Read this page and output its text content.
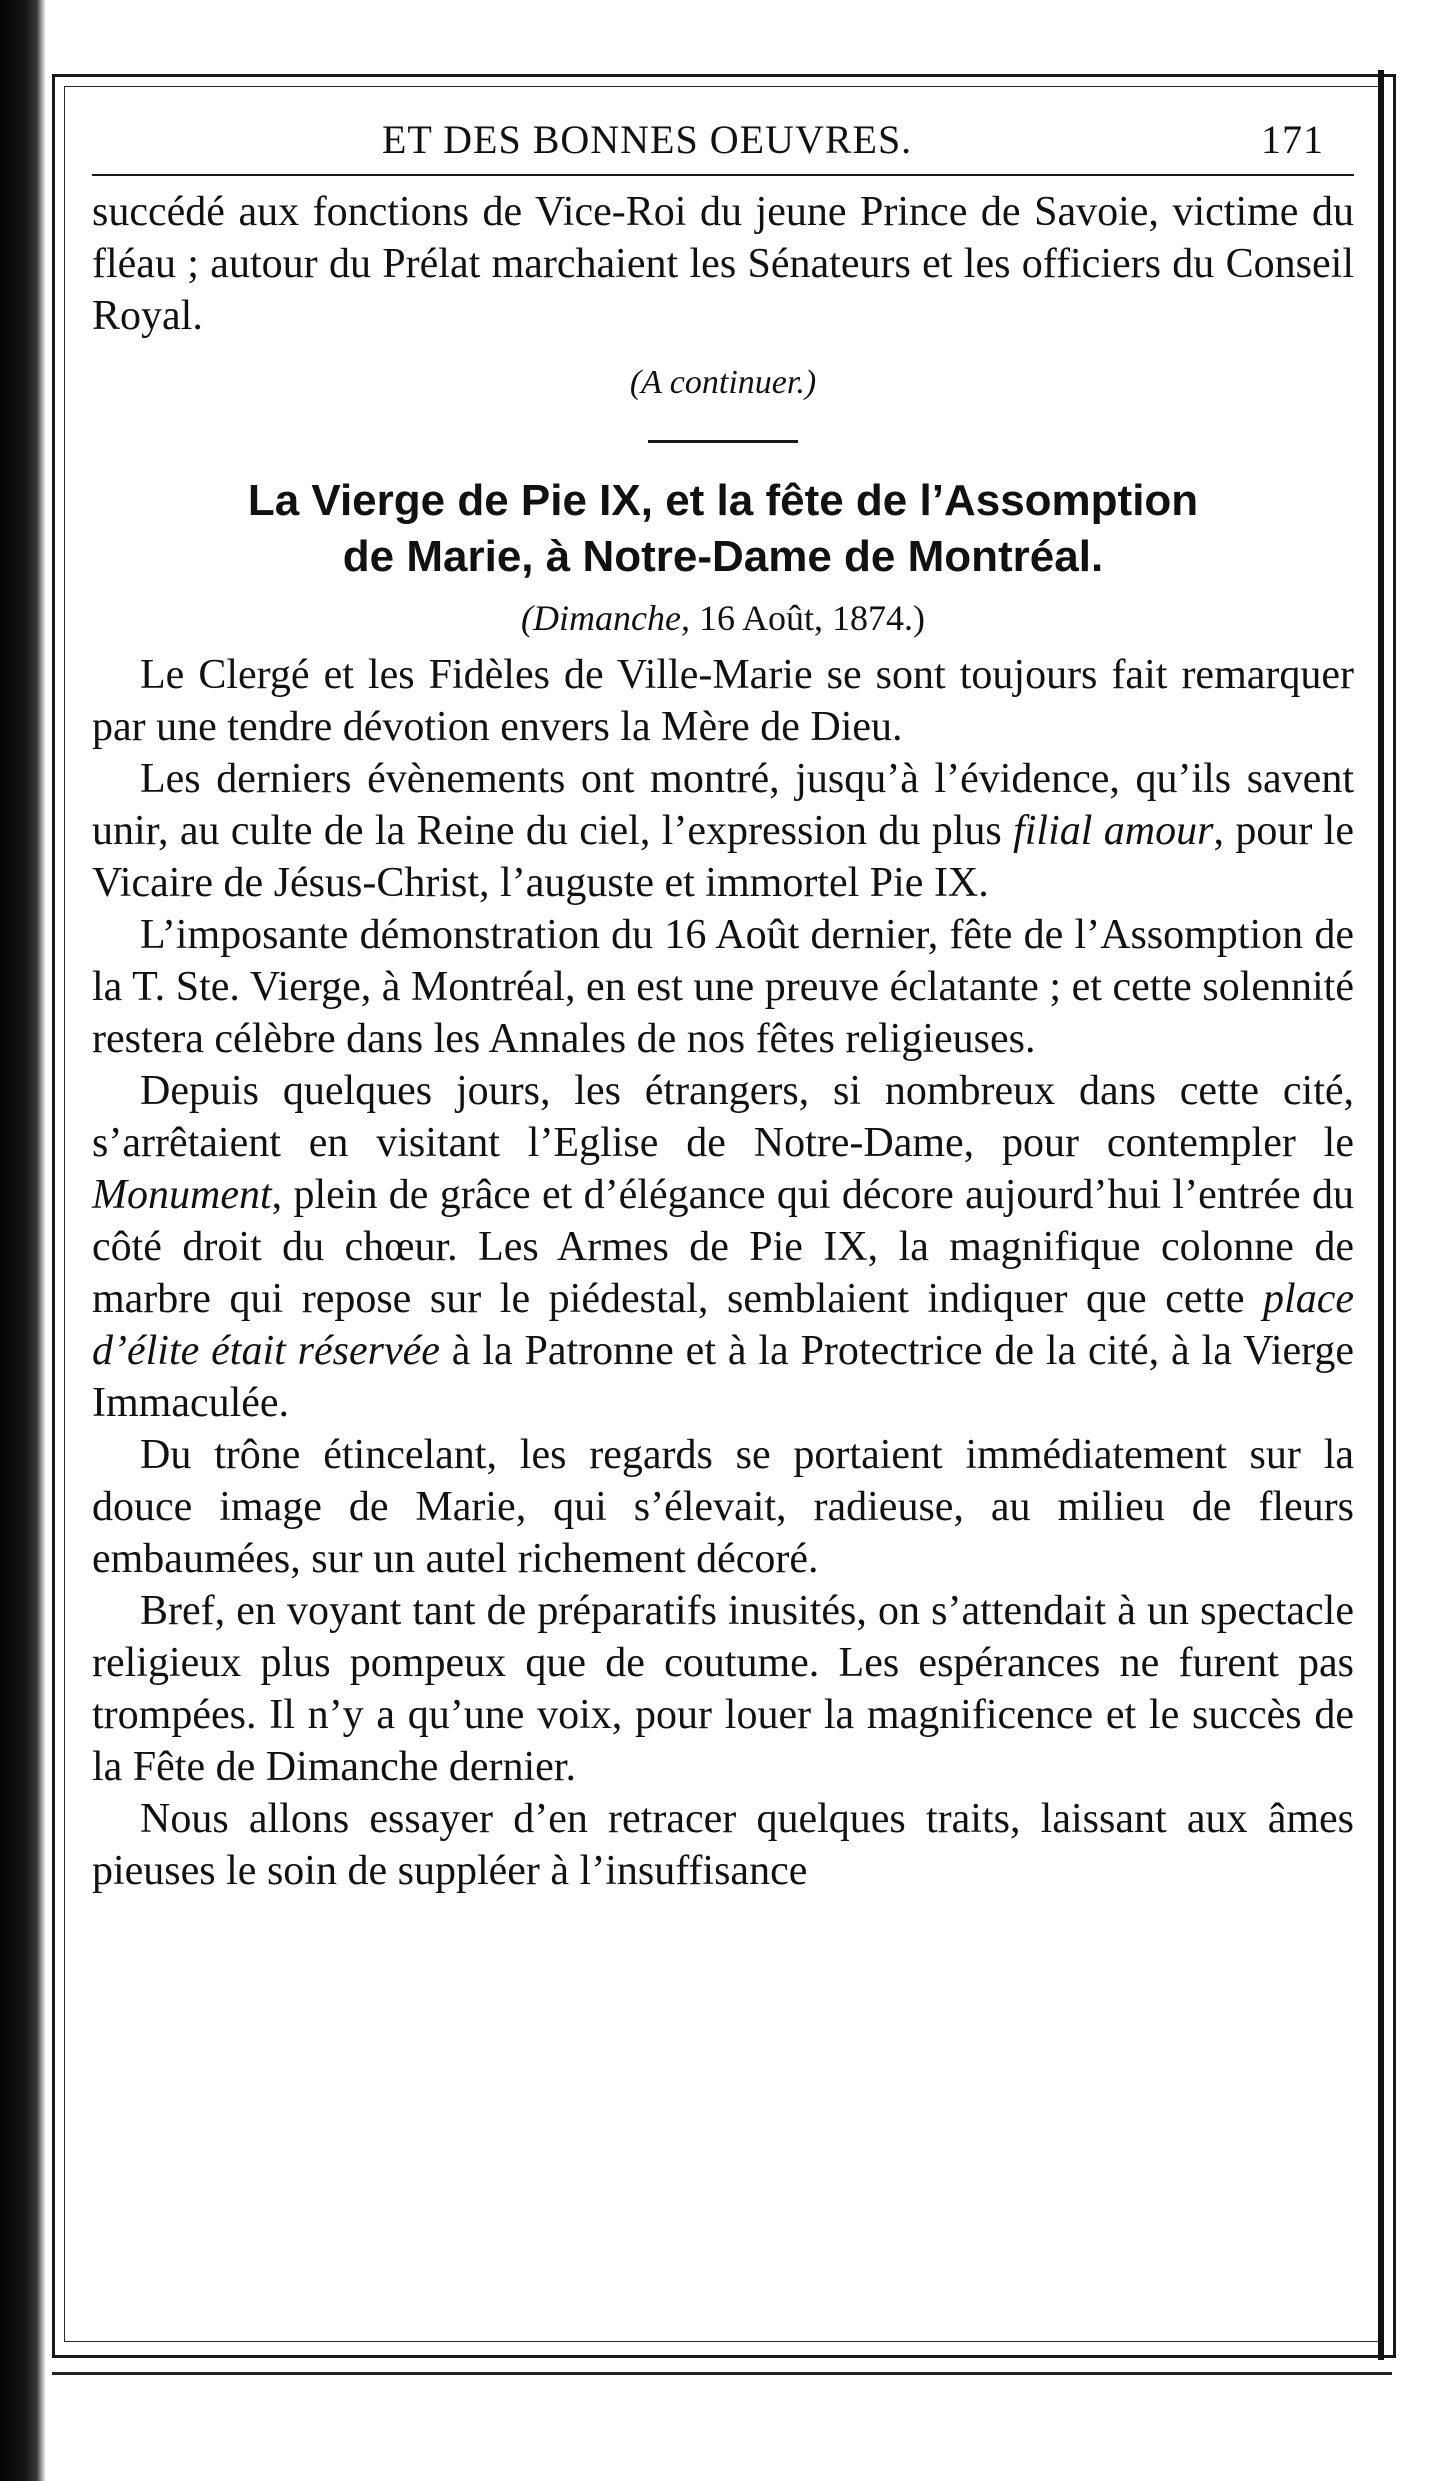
ET DES BONNES OEUVRES.	171

succédé aux fonctions de Vice-Roi du jeune Prince de Savoie, victime du fléau ; autour du Prélat marchaient les Sénateurs et les officiers du Conseil Royal.

(A continuer.)

La Vierge de Pie IX, et la fête de l’Assomption
de Marie, à Notre-Dame de Montréal.

(Dimanche, 16 Août, 1874.)

Le Clergé et les Fidèles de Ville-Marie se sont toujours fait remarquer par une tendre dévotion envers la Mère de Dieu.

Les derniers évènements ont montré, jusqu’à l’évidence, qu’ils savent unir, au culte de la Reine du ciel, l’expression du plus filial amour, pour le Vicaire de Jésus-Christ, l’auguste et immortel Pie IX.

L’imposante démonstration du 16 Août dernier, fête de l’Assomption de la T. Ste. Vierge, à Montréal, en est une preuve éclatante ; et cette solennité restera célèbre dans les Annales de nos fêtes religieuses.

Depuis quelques jours, les étrangers, si nombreux dans cette cité, s’arrêtaient en visitant l’Eglise de Notre-Dame, pour contempler le Monument, plein de grâce et d’élégance qui décore aujourd’hui l’entrée du côté droit du chœur. Les Armes de Pie IX, la magnifique colonne de marbre qui repose sur le piédestal, semblaient indiquer que cette place d’élite était réservée à la Patronne et à la Protectrice de la cité, à la Vierge Immaculée.

Du trône étincelant, les regards se portaient immédiatement sur la douce image de Marie, qui s’élevait, radieuse, au milieu de fleurs embaumées, sur un autel richement décoré.

Bref, en voyant tant de préparatifs inusités, on s’attendait à un spectacle religieux plus pompeux que de coutume. Les espérances ne furent pas trompées. Il n’y a qu’une voix, pour louer la magnificence et le succès de la Fête de Dimanche dernier.

Nous allons essayer d’en retracer quelques traits, laissant aux âmes pieuses le soin de suppléer à l’insuffisance
